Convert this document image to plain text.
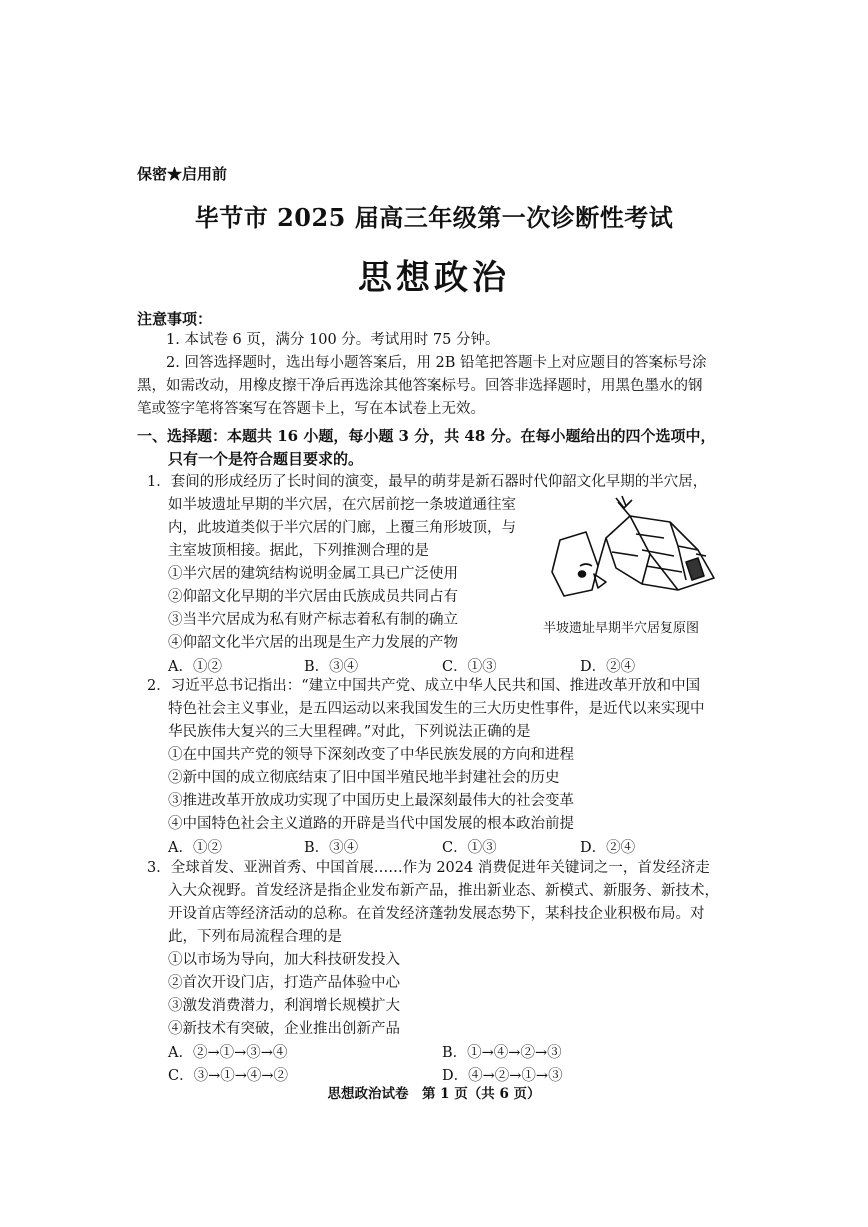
保密★启用前
毕节市 2025 届高三年级第一次诊断性考试
思想政治
注意事项：
1. 本试卷 6 页，满分 100 分。考试用时 75 分钟。
2. 回答选择题时，选出每小题答案后，用 2B 铅笔把答题卡上对应题目的答案标号涂
黑，如需改动，用橡皮擦干净后再选涂其他答案标号。回答非选择题时，用黑色墨水的钢
笔或签字笔将答案写在答题卡上，写在本试卷上无效。
一、选择题：本题共 16 小题，每小题 3 分，共 48 分。在每小题给出的四个选项中，
只有一个是符合题目要求的。
1．套间的形成经历了长时间的演变，最早的萌芽是新石器时代仰韶文化早期的半穴居，
如半坡遗址早期的半穴居，在穴居前挖一条坡道通往室
内，此坡道类似于半穴居的门廊，上覆三角形坡顶，与
主室坡顶相接。据此，下列推测合理的是
①半穴居的建筑结构说明金属工具已广泛使用
②仰韶文化早期的半穴居由氏族成员共同占有
③当半穴居成为私有财产标志着私有制的确立
④仰韶文化半穴居的出现是生产力发展的产物
A．①②	B．③④	C．①③	D．②④
半坡遗址早期半穴居复原图
2．习近平总书记指出：“建立中国共产党、成立中华人民共和国、推进改革开放和中国
特色社会主义事业，是五四运动以来我国发生的三大历史性事件，是近代以来实现中
华民族伟大复兴的三大里程碑。”对此，下列说法正确的是
①在中国共产党的领导下深刻改变了中华民族发展的方向和进程
②新中国的成立彻底结束了旧中国半殖民地半封建社会的历史
③推进改革开放成功实现了中国历史上最深刻最伟大的社会变革
④中国特色社会主义道路的开辟是当代中国发展的根本政治前提
A．①②	B．③④	C．①③	D．②④
3．全球首发、亚洲首秀、中国首展……作为 2024 消费促进年关键词之一，首发经济走
入大众视野。首发经济是指企业发布新产品，推出新业态、新模式、新服务、新技术，
开设首店等经济活动的总称。在首发经济蓬勃发展态势下，某科技企业积极布局。对
此，下列布局流程合理的是
①以市场为导向，加大科技研发投入
②首次开设门店，打造产品体验中心
③激发消费潜力，利润增长规模扩大
④新技术有突破，企业推出创新产品
A．②→①→③→④	B．①→④→②→③
C．③→①→④→②	D．④→②→①→③
思想政治试卷　第 1 页（共 6 页）
